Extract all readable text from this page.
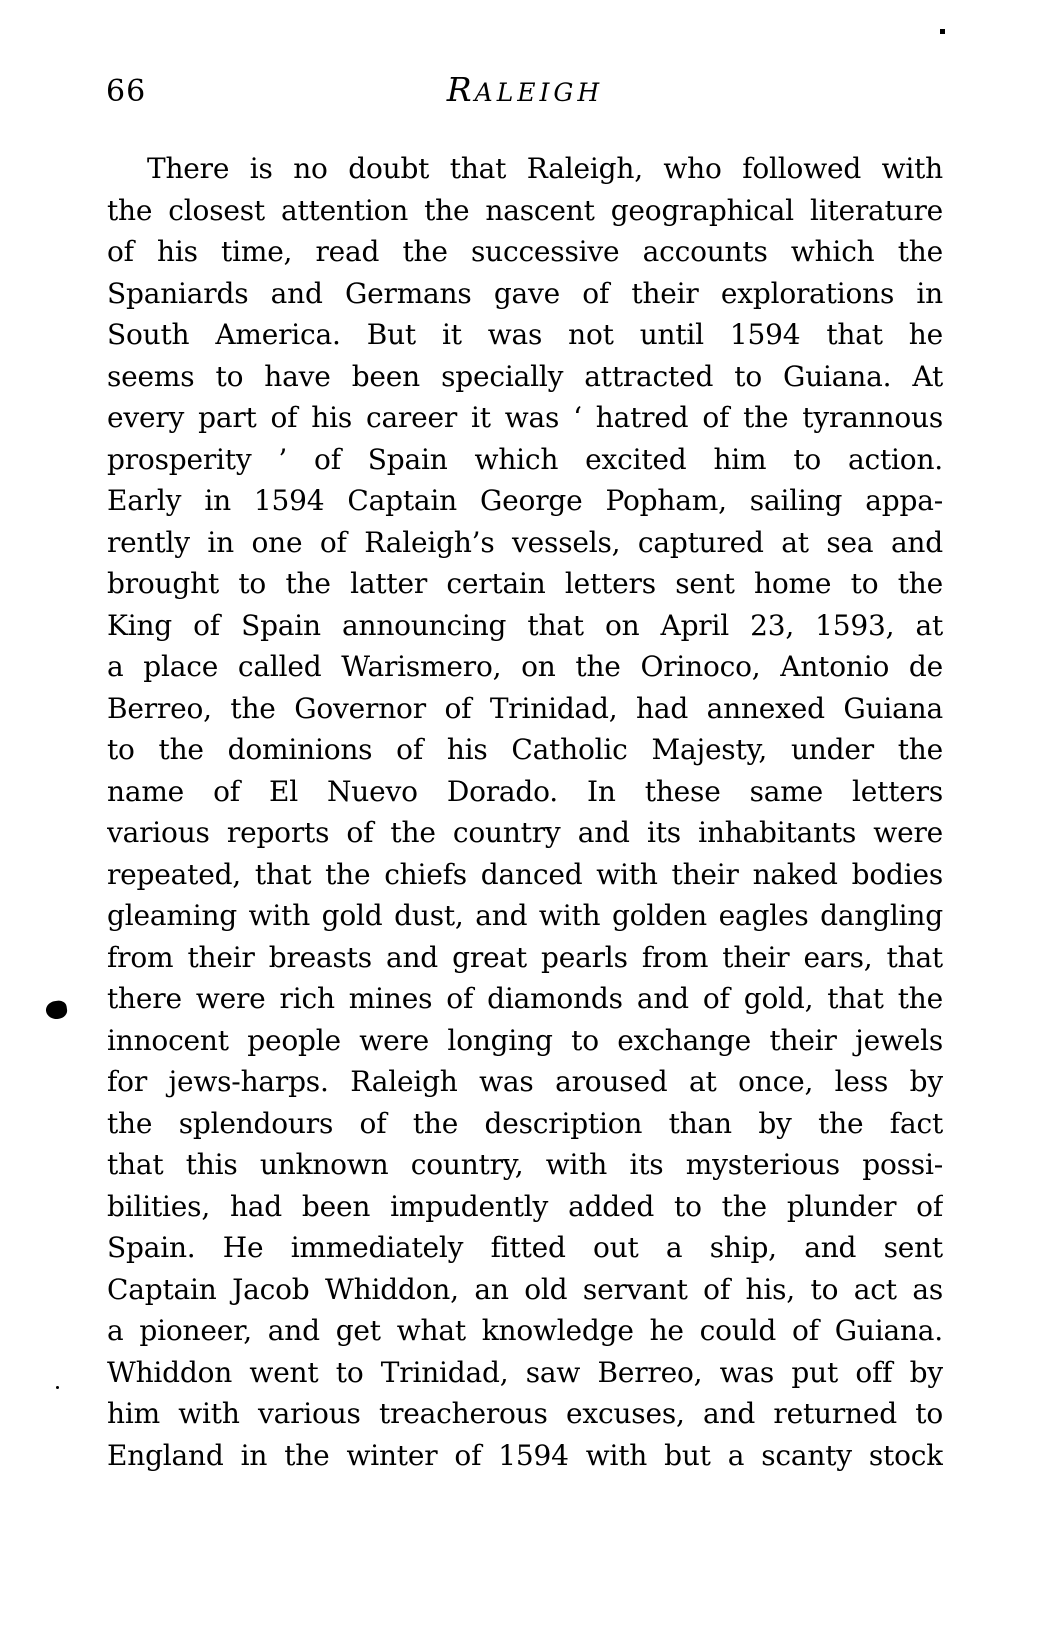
66	RALEIGH
There is no doubt that Raleigh, who followed with
the closest attention the nascent geographical literature
of his time, read the successive accounts which the
Spaniards and Germans gave of their explorations in
South America. But it was not until 1594 that he
seems to have been specially attracted to Guiana. At
every part of his career it was ‘ hatred of the tyrannous
prosperity ’ of Spain which excited him to action.
Early in 1594 Captain George Popham, sailing appa-
rently in one of Raleigh’s vessels, captured at sea and
brought to the latter certain letters sent home to the
King of Spain announcing that on April 23, 1593, at
a place called Warismero, on the Orinoco, Antonio de
Berreo, the Governor of Trinidad, had annexed Guiana
to the dominions of his Catholic Majesty, under the
name of El Nuevo Dorado. In these same letters
various reports of the country and its inhabitants were
repeated, that the chiefs danced with their naked bodies
gleaming with gold dust, and with golden eagles dangling
from their breasts and great pearls from their ears, that
there were rich mines of diamonds and of gold, that the
innocent people were longing to exchange their jewels
for jews-harps. Raleigh was aroused at once, less by
the splendours of the description than by the fact
that this unknown country, with its mysterious possi-
bilities, had been impudently added to the plunder of
Spain. He immediately fitted out a ship, and sent
Captain Jacob Whiddon, an old servant of his, to act as
a pioneer, and get what knowledge he could of Guiana.
Whiddon went to Trinidad, saw Berreo, was put off by
him with various treacherous excuses, and returned to
England in the winter of 1594 with but a scanty stock
